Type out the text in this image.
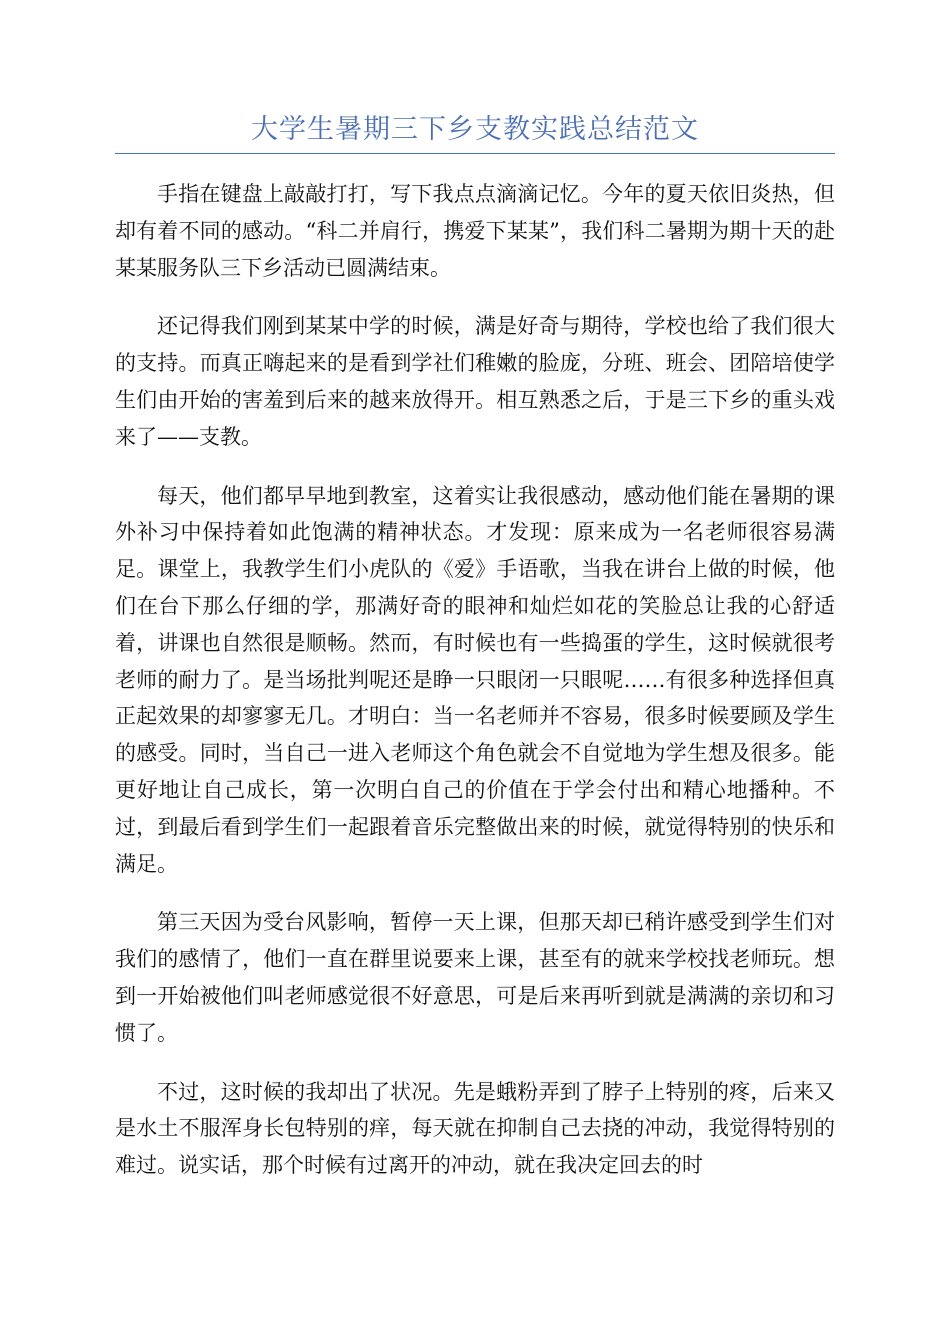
大学生暑期三下乡支教实践总结范文

手指在键盘上敲敲打打，写下我点点滴滴记忆。今年的夏天依旧炎热，但却有着不同的感动。“科二并肩行，携爱下某某”，我们科二暑期为期十天的赴某某服务队三下乡活动已圆满结束。

还记得我们刚到某某中学的时候，满是好奇与期待，学校也给了我们很大的支持。而真正嗨起来的是看到学社们稚嫩的脸庞，分班、班会、团陪培使学生们由开始的害羞到后来的越来放得开。相互熟悉之后，于是三下乡的重头戏来了——支教。

每天，他们都早早地到教室，这着实让我很感动，感动他们能在暑期的课外补习中保持着如此饱满的精神状态。才发现：原来成为一名老师很容易满足。课堂上，我教学生们小虎队的《爱》手语歌，当我在讲台上做的时候，他们在台下那么仔细的学，那满好奇的眼神和灿烂如花的笑脸总让我的心舒适着，讲课也自然很是顺畅。然而，有时候也有一些捣蛋的学生，这时候就很考老师的耐力了。是当场批判呢还是睁一只眼闭一只眼呢……有很多种选择但真正起效果的却寥寥无几。才明白：当一名老师并不容易，很多时候要顾及学生的感受。同时，当自己一进入老师这个角色就会不自觉地为学生想及很多。能更好地让自己成长，第一次明白自己的价值在于学会付出和精心地播种。不过，到最后看到学生们一起跟着音乐完整做出来的时候，就觉得特别的快乐和满足。

第三天因为受台风影响，暂停一天上课，但那天却已稍许感受到学生们对我们的感情了，他们一直在群里说要来上课，甚至有的就来学校找老师玩。想到一开始被他们叫老师感觉很不好意思，可是后来再听到就是满满的亲切和习惯了。

不过，这时候的我却出了状况。先是蛾粉弄到了脖子上特别的疼，后来又是水土不服浑身长包特别的痒，每天就在抑制自己去挠的冲动，我觉得特别的难过。说实话，那个时候有过离开的冲动，就在我决定回去的时
